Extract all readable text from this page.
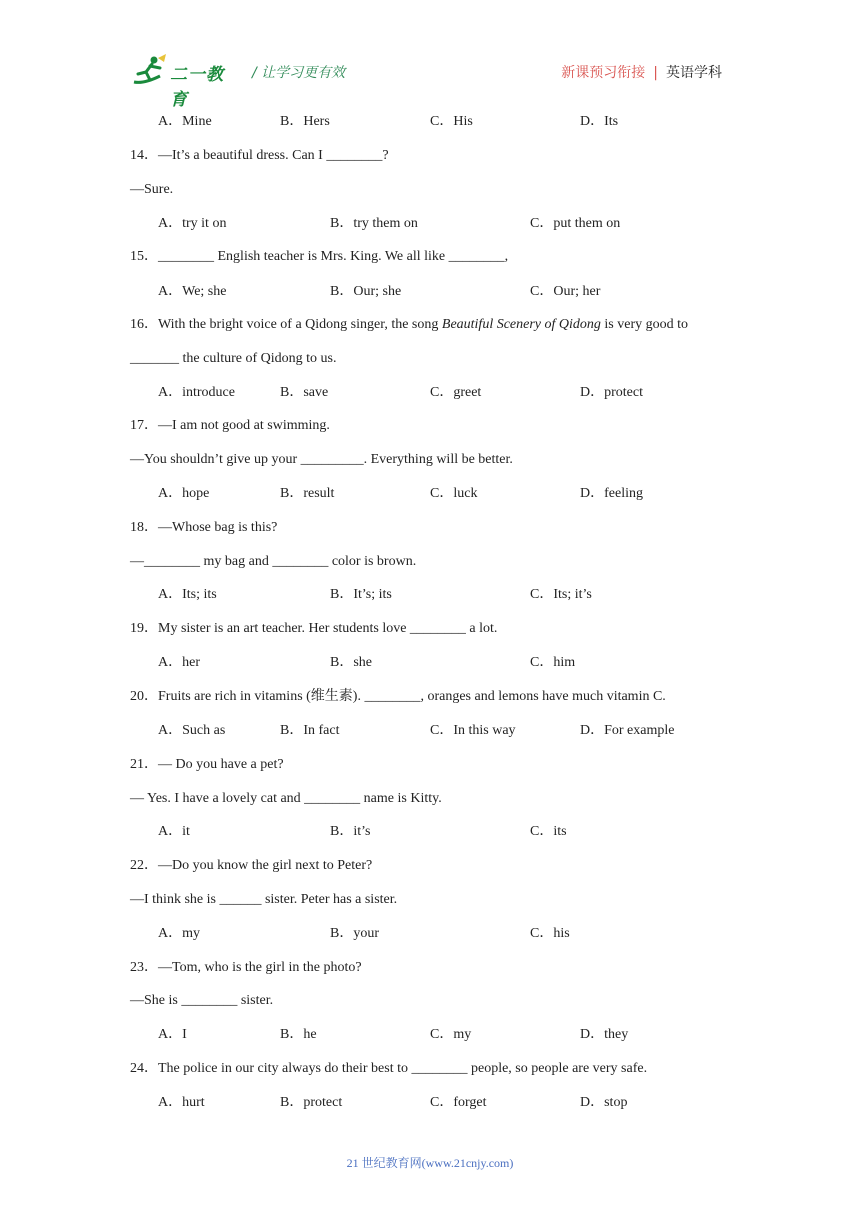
二一教育
/ 让学习更有效	新课预习衔接 | 英语学科
A．Mine	B．Hers	C．His	D．Its
14．—It’s a beautiful dress. Can I ________?
—Sure.
A．try it on	B．try them on	C．put them on
15．________ English teacher is Mrs. King. We all like ________,
A．We; she	B．Our; she	C．Our; her
16．With the bright voice of a Qidong singer, the song Beautiful Scenery of Qidong is very good to
_______ the culture of Qidong to us.
A．introduce	B．save	C．greet	D．protect
17．—I am not good at swimming.
—You shouldn’t give up your _________. Everything will be better.
A．hope	B．result	C．luck	D．feeling
18．—Whose bag is this?
—________ my bag and ________ color is brown.
A．Its; its	B．It’s; its	C．Its; it’s
19．My sister is an art teacher. Her students love ________ a lot.
A．her	B．she	C．him
20．Fruits are rich in vitamins (维生素). ________, oranges and lemons have much vitamin C.
A．Such as	B．In fact	C．In this way	D．For example
21．— Do you have a pet?
— Yes. I have a lovely cat and ________ name is Kitty.
A．it	B．it’s	C．its
22．—Do you know the girl next to Peter?
—I think she is ______ sister. Peter has a sister.
A．my	B．your	C．his
23．—Tom, who is the girl in the photo?
—She is ________ sister.
A．I	B．he	C．my	D．they
24．The police in our city always do their best to ________ people, so people are very safe.
A．hurt	B．protect	C．forget	D．stop
21 世纪教育网(www.21cnjy.com)
